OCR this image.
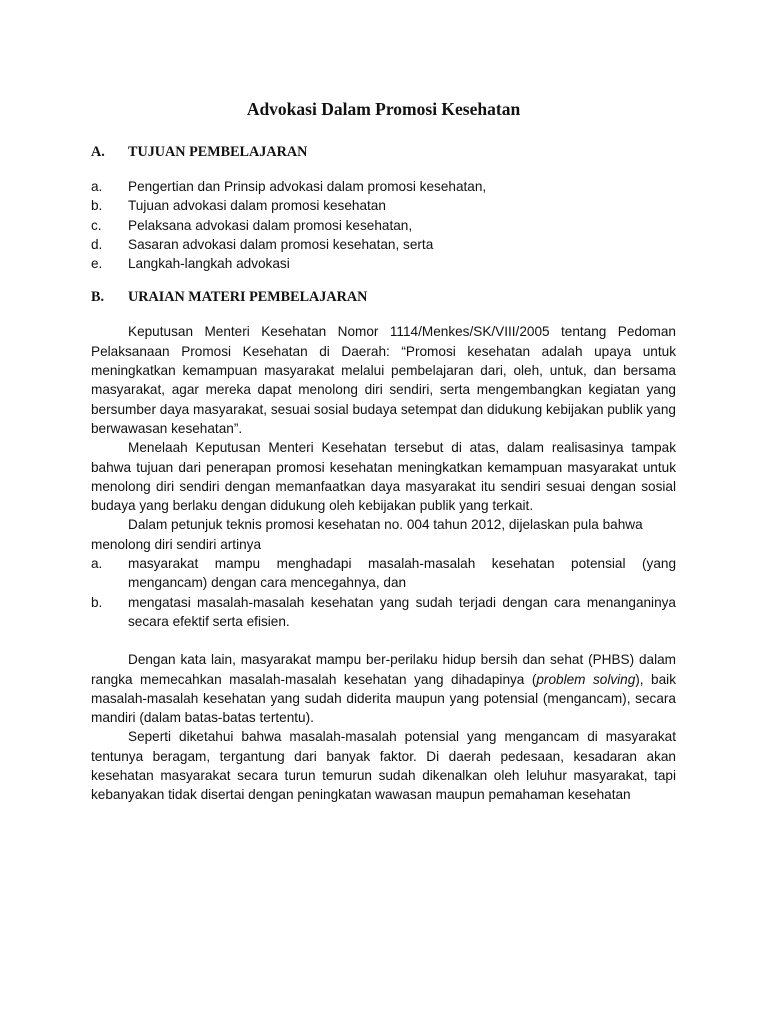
Advokasi Dalam Promosi Kesehatan
A.	TUJUAN PEMBELAJARAN
a.	Pengertian dan Prinsip advokasi dalam promosi kesehatan,
b.	Tujuan advokasi dalam promosi kesehatan
c.	Pelaksana advokasi dalam promosi kesehatan,
d.	Sasaran advokasi dalam promosi kesehatan, serta
e.	Langkah-langkah advokasi
B.	URAIAN MATERI PEMBELAJARAN

Keputusan Menteri Kesehatan Nomor 1114/Menkes/SK/VIII/2005 tentang Pedoman Pelaksanaan Promosi Kesehatan di Daerah: “Promosi kesehatan adalah upaya untuk meningkatkan kemampuan masyarakat melalui pembelajaran dari, oleh, untuk, dan bersama masyarakat, agar mereka dapat menolong diri sendiri, serta mengembangkan kegiatan yang bersumber daya masyarakat, sesuai sosial budaya setempat dan didukung kebijakan publik yang berwawasan kesehatan”.

Menelaah Keputusan Menteri Kesehatan tersebut di atas, dalam realisasinya tampak bahwa tujuan dari penerapan promosi kesehatan meningkatkan kemampuan masyarakat untuk menolong diri sendiri dengan memanfaatkan daya masyarakat itu sendiri sesuai dengan sosial budaya yang berlaku dengan didukung oleh kebijakan publik yang terkait.

Dalam petunjuk teknis promosi kesehatan no. 004 tahun 2012, dijelaskan pula bahwa

menolong diri sendiri artinya

a.	masyarakat mampu menghadapi masalah-masalah kesehatan potensial (yang mengancam) dengan cara mencegahnya, dan
b.	mengatasi masalah-masalah kesehatan yang sudah terjadi dengan cara menanganinya secara efektif serta efisien.

Dengan kata lain, masyarakat mampu ber-perilaku hidup bersih dan sehat (PHBS) dalam rangka memecahkan masalah-masalah kesehatan yang dihadapinya (problem solving), baik masalah-masalah kesehatan yang sudah diderita maupun yang potensial (mengancam), secara mandiri (dalam batas-batas tertentu).

Seperti diketahui bahwa masalah-masalah potensial yang mengancam di masyarakat tentunya beragam, tergantung dari banyak faktor. Di daerah pedesaan, kesadaran akan kesehatan masyarakat secara turun temurun sudah dikenalkan oleh leluhur masyarakat, tapi kebanyakan tidak disertai dengan peningkatan wawasan maupun pemahaman kesehatan
